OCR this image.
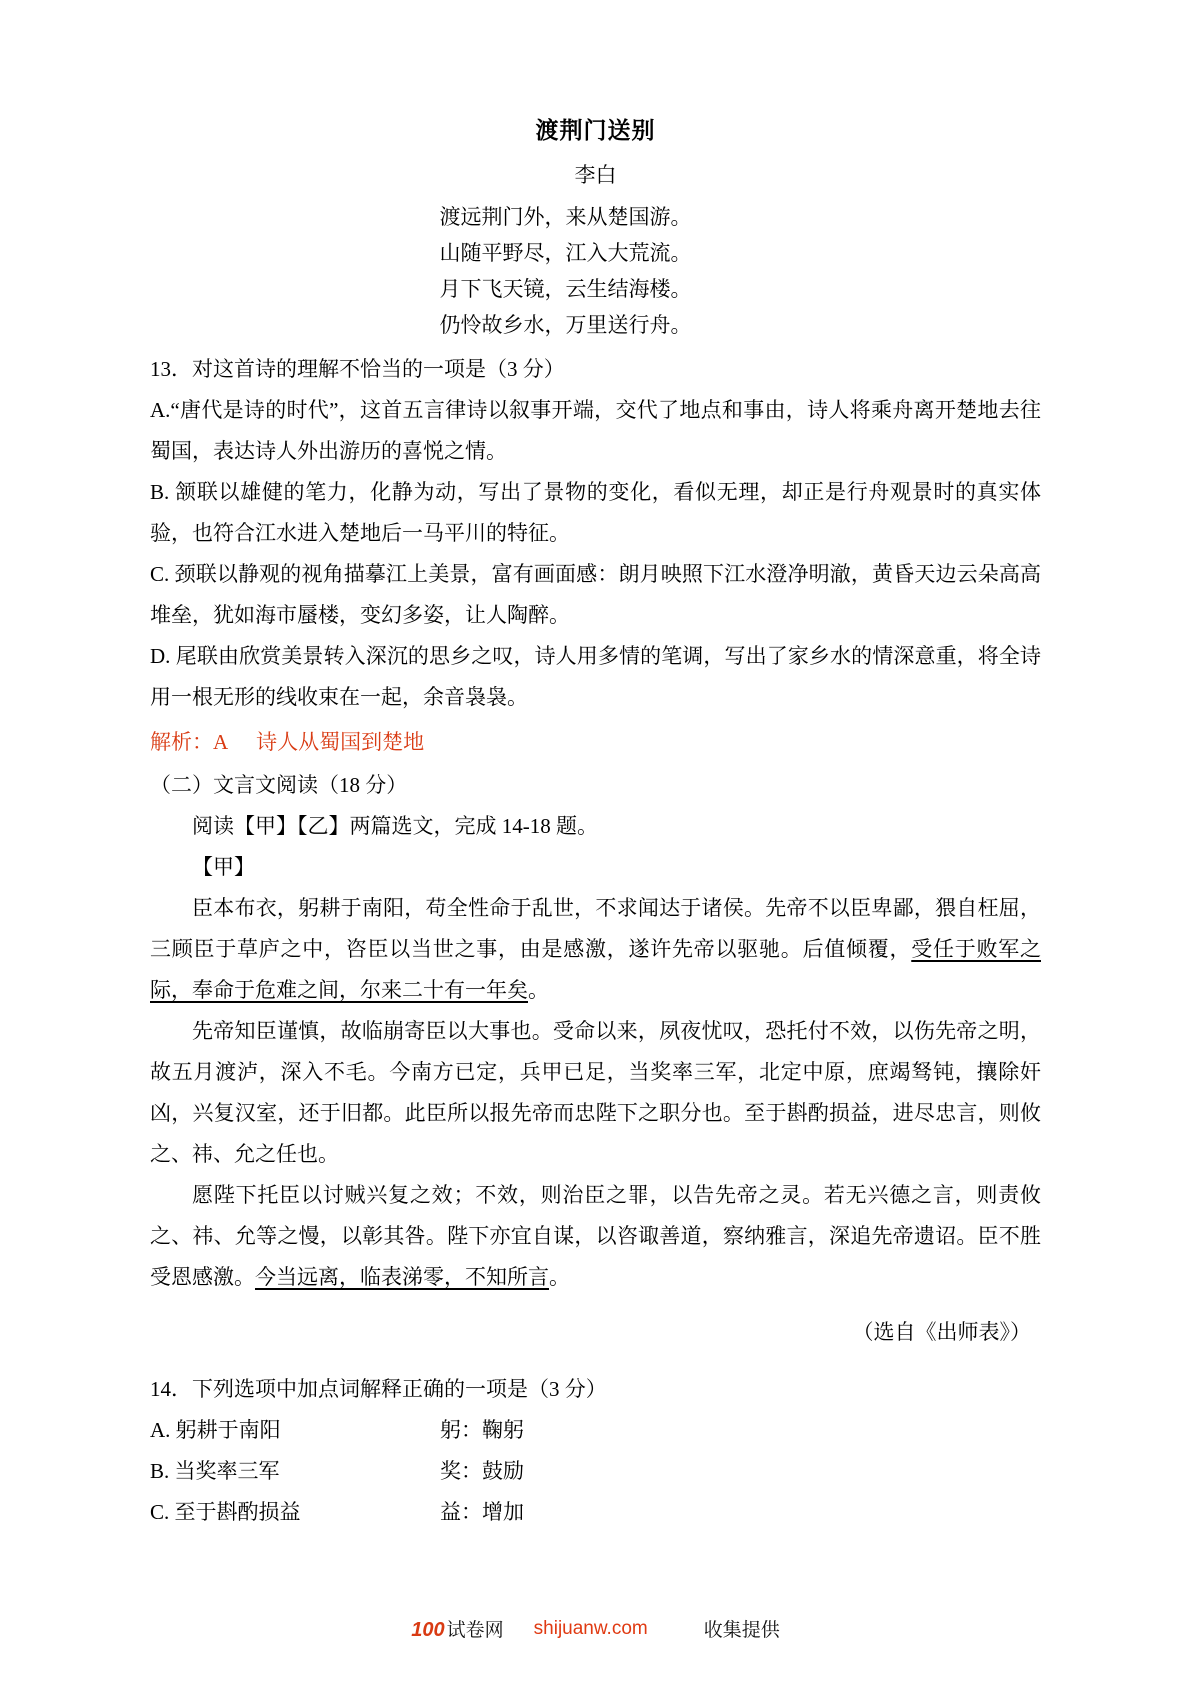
渡荆门送别
李白
渡远荆门外，来从楚国游。
山随平野尽，江入大荒流。
月下飞天镜，云生结海楼。
仍怜故乡水，万里送行舟。
13．对这首诗的理解不恰当的一项是（3 分）
A.“唐代是诗的时代”，这首五言律诗以叙事开端，交代了地点和事由，诗人将乘舟离开楚地去往蜀国，表达诗人外出游历的喜悦之情。
B. 颔联以雄健的笔力，化静为动，写出了景物的变化，看似无理，却正是行舟观景时的真实体验，也符合江水进入楚地后一马平川的特征。
C. 颈联以静观的视角描摹江上美景，富有画面感：朗月映照下江水澄净明澈，黄昏天边云朵高高堆垒，犹如海市蜃楼，变幻多姿，让人陶醉。
D. 尾联由欣赏美景转入深沉的思乡之叹，诗人用多情的笔调，写出了家乡水的情深意重，将全诗用一根无形的线收束在一起，余音袅袅。
解析：A 诗人从蜀国到楚地
（二）文言文阅读（18 分）
阅读【甲】【乙】两篇选文，完成 14-18 题。
【甲】
臣本布衣，躬耕于南阳，苟全性命于乱世，不求闻达于诸侯。先帝不以臣卑鄙，猥自枉屈，三顾臣于草庐之中，咨臣以当世之事，由是感激，遂许先帝以驱驰。后值倾覆，受任于败军之际，奉命于危难之间，尔来二十有一年矣。
先帝知臣谨慎，故临崩寄臣以大事也。受命以来，夙夜忧叹，恐托付不效，以伤先帝之明，故五月渡泸，深入不毛。今南方已定，兵甲已足，当奖率三军，北定中原，庶竭驽钝，攘除奸凶，兴复汉室，还于旧都。此臣所以报先帝而忠陛下之职分也。至于斟酌损益，进尽忠言，则攸之、祎、允之任也。
愿陛下托臣以讨贼兴复之效；不效，则治臣之罪，以告先帝之灵。若无兴德之言，则责攸之、祎、允等之慢，以彰其咎。陛下亦宜自谋，以咨诹善道，察纳雅言，深追先帝遗诏。臣不胜受恩感激。今当远离，临表涕零，不知所言。
（选自《出师表》）
14．下列选项中加点词解释正确的一项是（3 分）
A. 躬耕于南阳	躬：鞠躬
B. 当奖率三军	奖：鼓励
C. 至于斟酌损益	益：增加
100 试卷网 shijuanw.com	收集提供
